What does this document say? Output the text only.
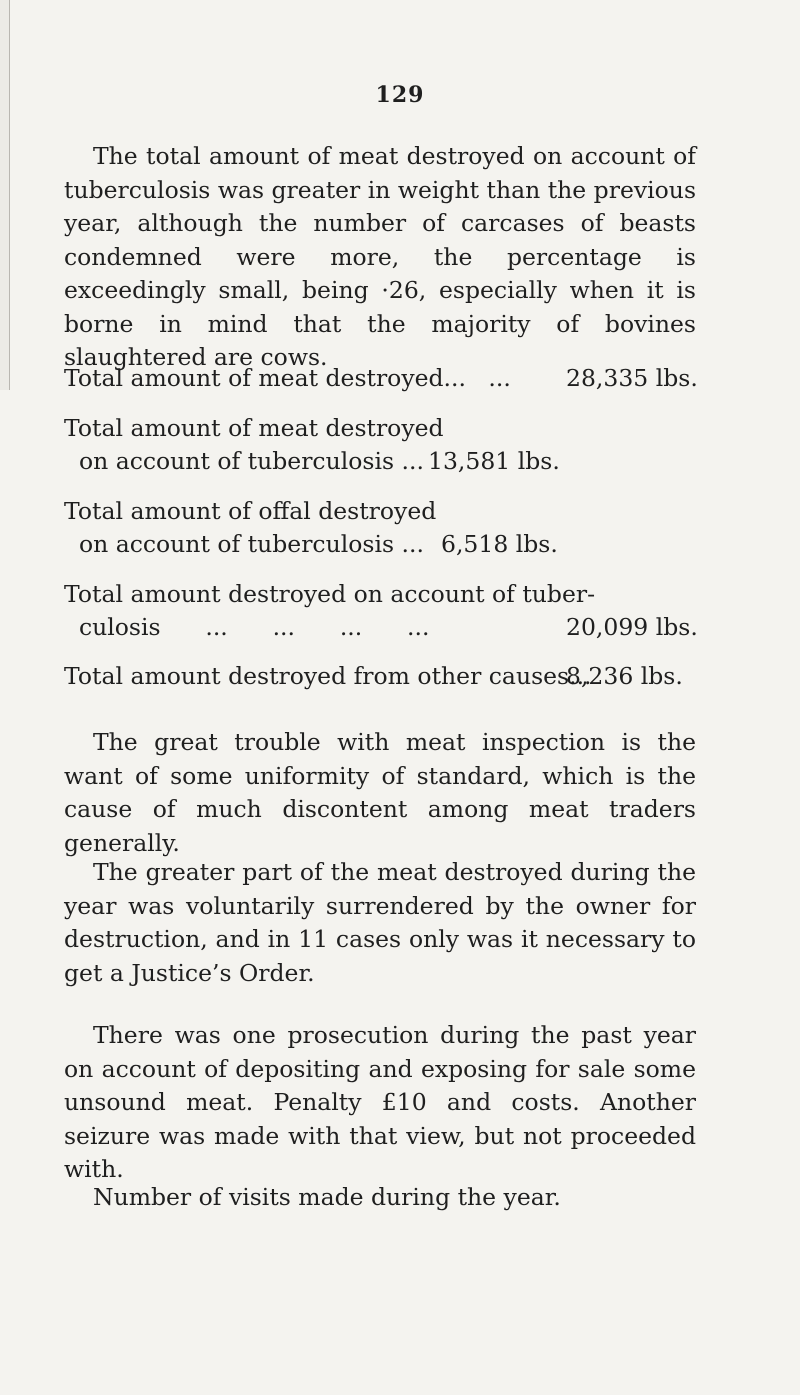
129

The total amount of meat destroyed on account of tuberculosis was greater in weight than the previous year, although the number of carcases of beasts condemned were more, the percentage is exceedingly small, being ·26, especially when it is borne in mind that the majority of bovines slaughtered are cows.

Total amount of meat destroyed...   ... 28,335 lbs.
Total amount of meat destroyed
on account of tuberculosis ... 13,581 lbs.
Total amount of offal destroyed
on account of tuberculosis ... 6,518 lbs.
Total amount destroyed on account of tuber-
culosis      ...      ...      ...      ...	20,099 lbs.
Total amount destroyed from other causes...
8,236 lbs.

The great trouble with meat inspection is the want of some uniformity of standard, which is the cause of much discontent among meat traders generally.

The greater part of the meat destroyed during the year was voluntarily surrendered by the owner for destruction, and in 11 cases only was it necessary to get a Justice’s Order.

There was one prosecution during the past year on account of depositing and exposing for sale some unsound meat. Penalty £10 and costs. Another seizure was made with that view, but not proceeded with.

Number of visits made during the year.
